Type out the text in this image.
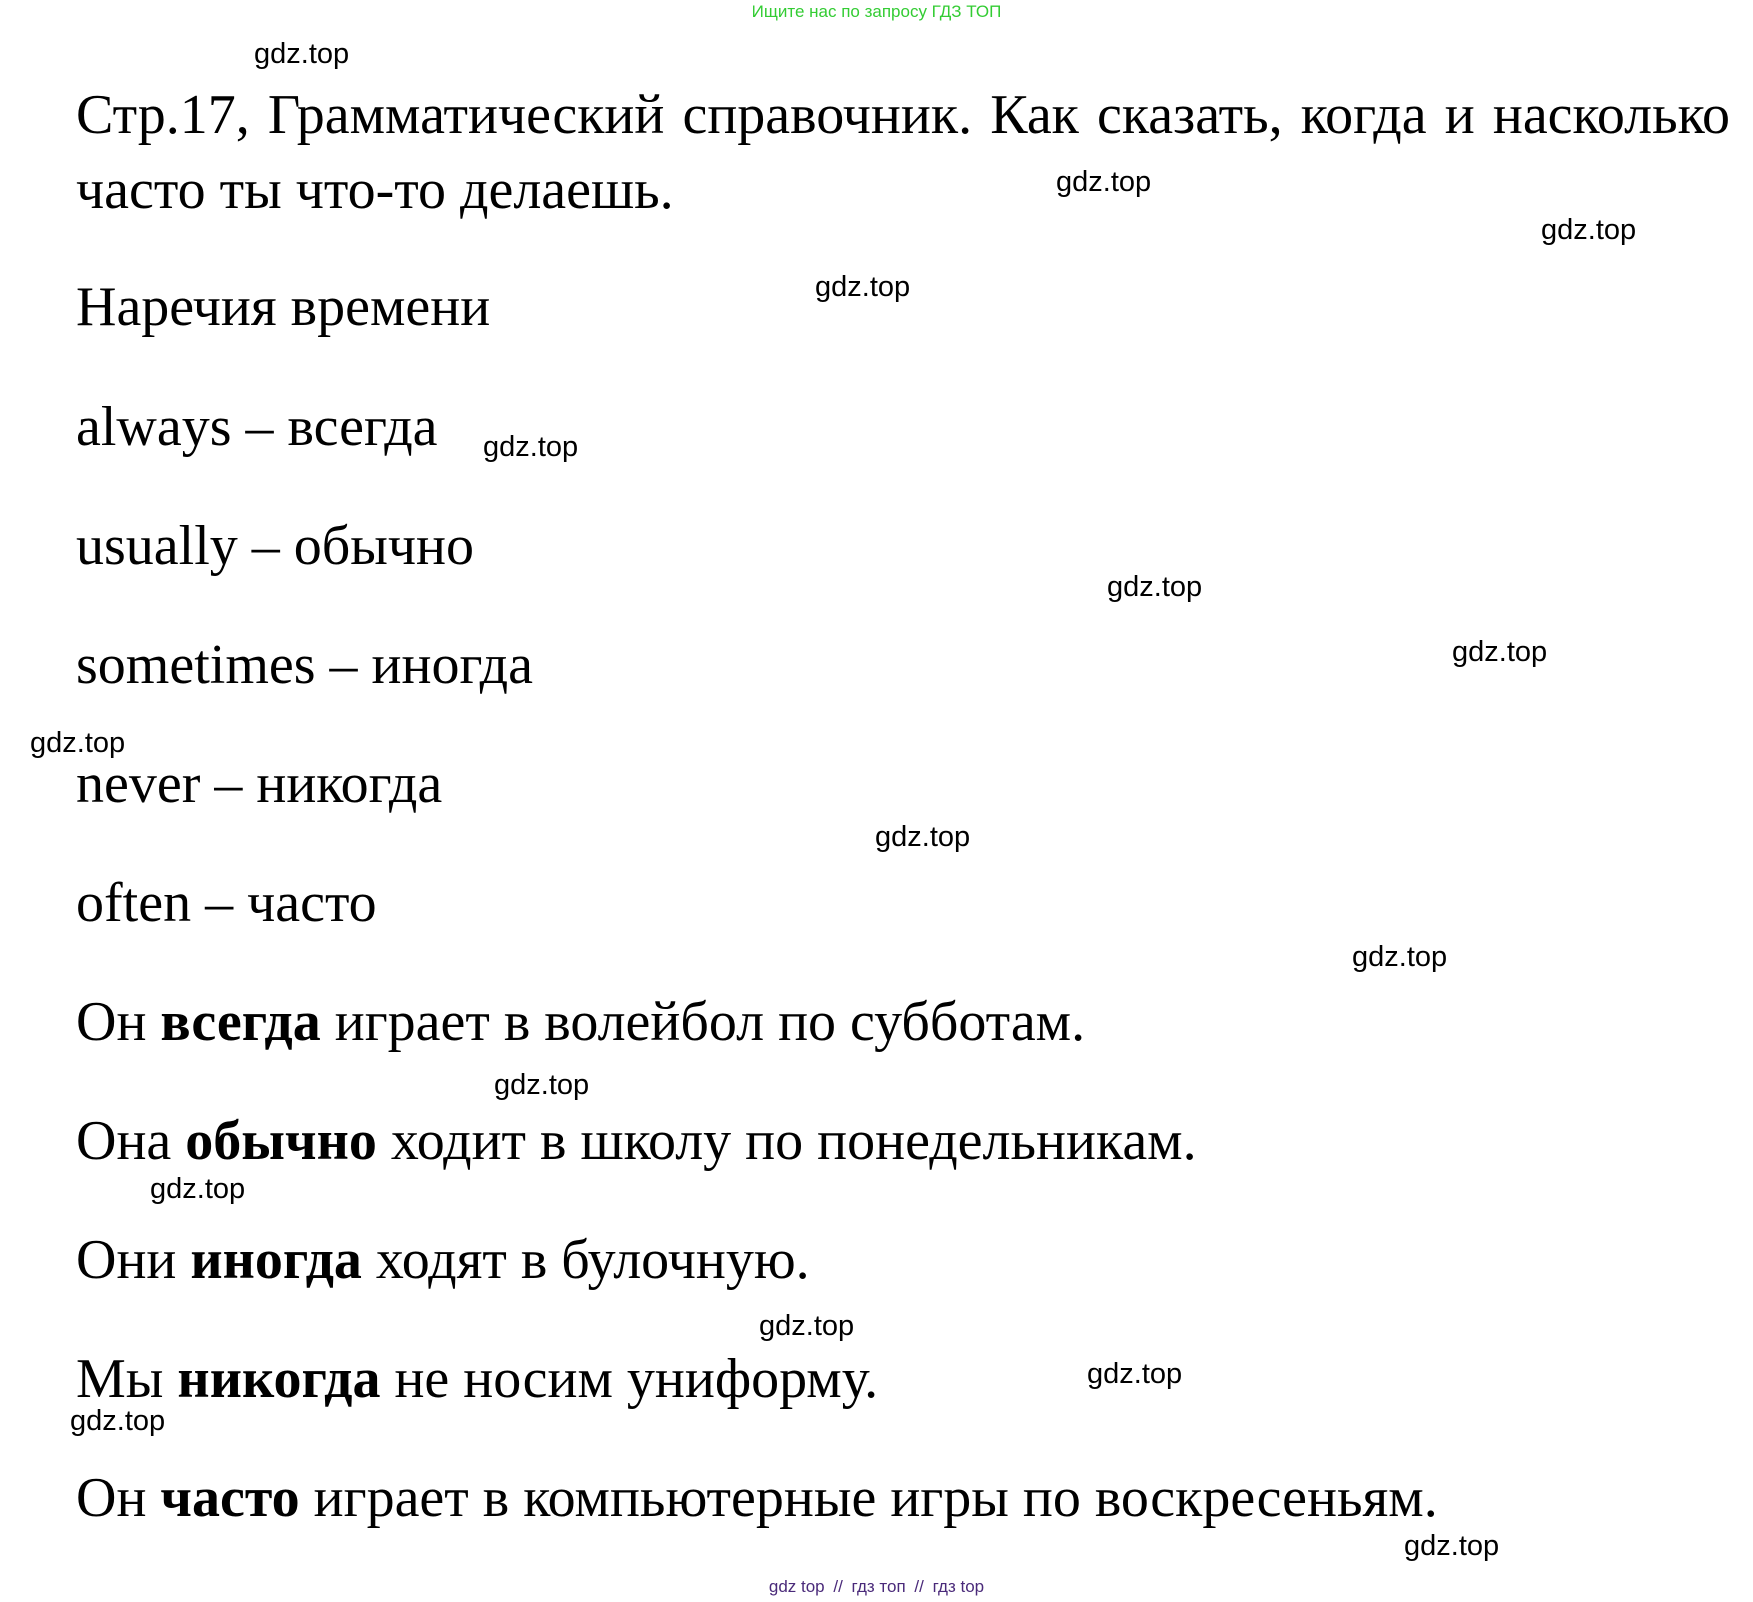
Ищите нас по запросу ГДЗ ТОП

Стр.17, Грамматический справочник. Как сказать, когда и насколько часто ты что-то делаешь.

Наречия времени

always – всегда

usually – обычно

sometimes – иногда

never – никогда

often – часто

Он всегда играет в волейбол по субботам.

Она обычно ходит в школу по понедельникам.

Они иногда ходят в булочную.

Мы никогда не носим униформу.

Он часто играет в компьютерные игры по воскресеньям.

gdz.top
gdz.top
gdz.top
gdz.top
gdz.top
gdz.top
gdz.top
gdz.top
gdz.top
gdz.top
gdz.top
gdz.top
gdz.top
gdz.top
gdz.top
gdz.top
gdz top // гдз топ // гдз top
